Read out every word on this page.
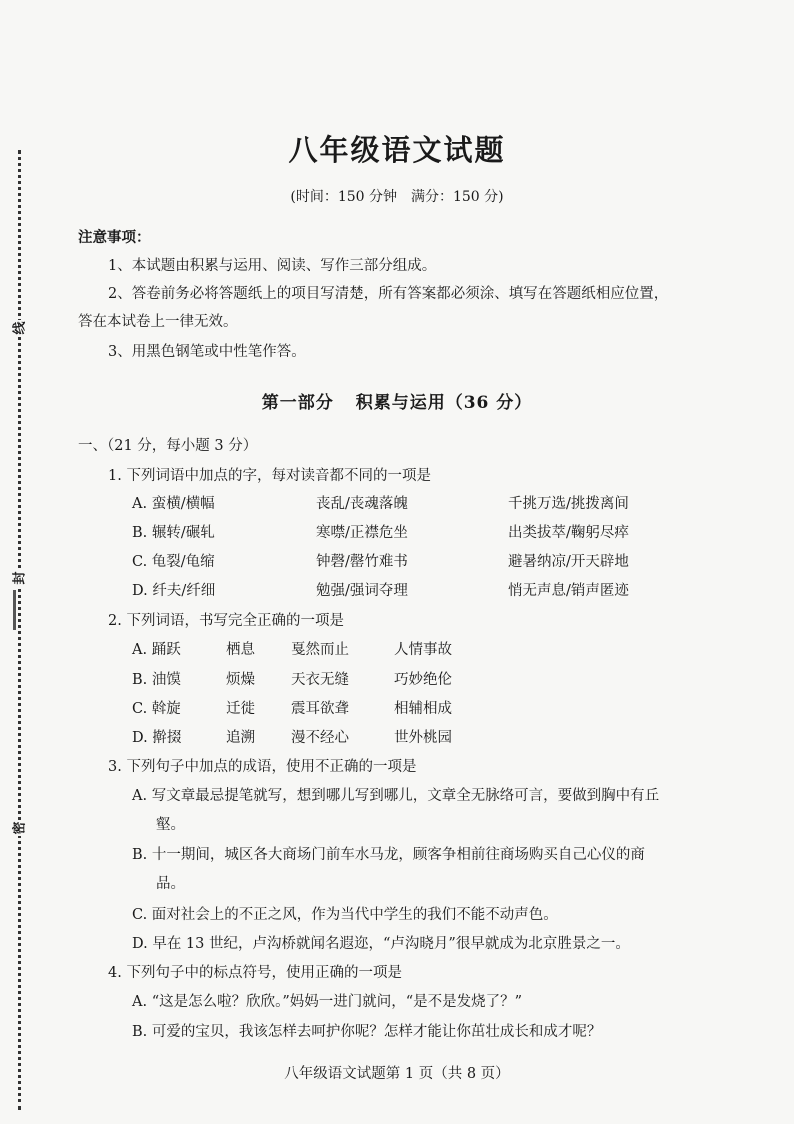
线
封
密
八年级语文试题
(时间：150 分钟　满分：150 分)
注意事项：
1、本试题由积累与运用、阅读、写作三部分组成。
2、答卷前务必将答题纸上的项目写清楚，所有答案都必须涂、填写在答题纸相应位置，
答在本试卷上一律无效。
3、用黑色钢笔或中性笔作答。
第一部分 积累与运用（36 分）
一、（21 分，每小题 3 分）
1. 下列词语中加点的字，每对读音都不同的一项是
A. 蛮横/横幅	丧乱/丧魂落魄	千挑万选/挑拨离间
B. 辗转/碾轧	寒噤/正襟危坐	出类拔萃/鞠躬尽瘁
C. 龟裂/龟缩	钟磬/罄竹难书	避暑纳凉/开天辟地
D. 纤夫/纤细	勉强/强词夺理	悄无声息/销声匿迹
2. 下列词语，书写完全正确的一项是
A. 踊跃	栖息 戛然而止	人情事故
B. 油馍	烦燥 天衣无缝	巧妙绝伦
C. 斡旋	迁徙 震耳欲聋	相辅相成
D. 擀掇	追溯 漫不经心	世外桃园
3. 下列句子中加点的成语，使用不正确的一项是
A. 写文章最忌提笔就写，想到哪儿写到哪儿，文章全无脉络可言，要做到胸中有丘
壑。
B. 十一期间，城区各大商场门前车水马龙，顾客争相前往商场购买自己心仪的商
品。
C. 面对社会上的不正之风，作为当代中学生的我们不能不动声色。
D. 早在 13 世纪，卢沟桥就闻名遐迩，“卢沟晓月”很早就成为北京胜景之一。
4. 下列句子中的标点符号，使用正确的一项是
A. “这是怎么啦？欣欣。”妈妈一进门就问，“是不是发烧了？”
B. 可爱的宝贝，我该怎样去呵护你呢？怎样才能让你茁壮成长和成才呢？
八年级语文试题第 1 页（共 8 页）
